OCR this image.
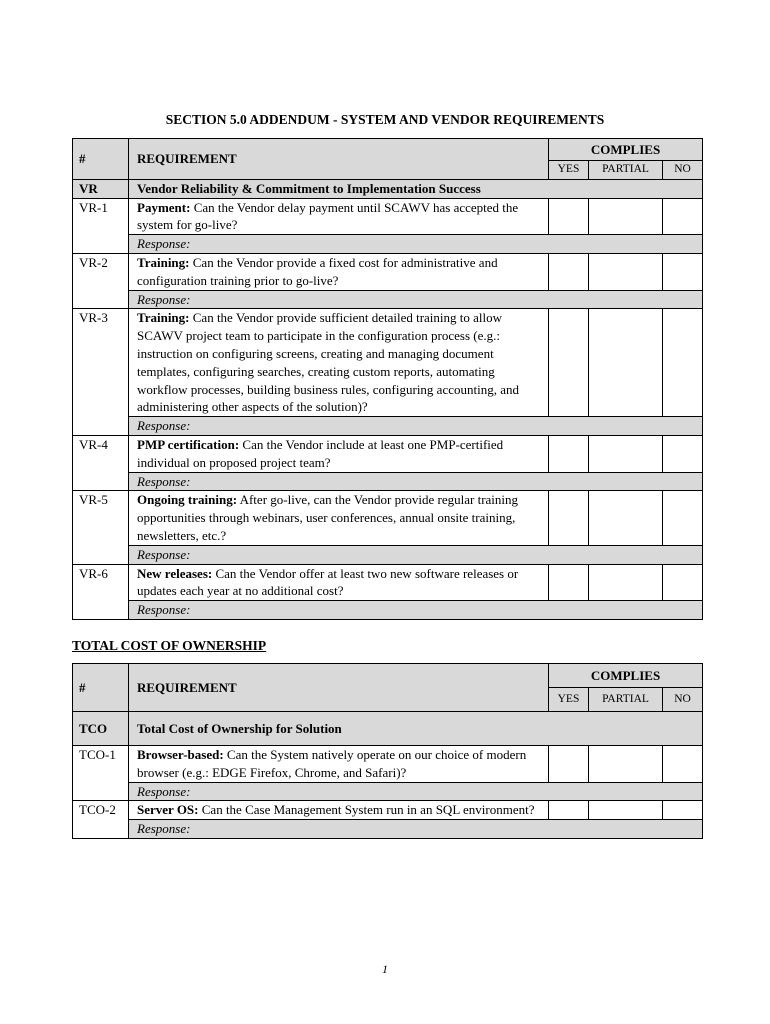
SECTION 5.0 ADDENDUM - SYSTEM AND VENDOR REQUIREMENTS
#	REQUIREMENT	COMPLIES		
		YES	PARTIAL	NO
VR	Vendor Reliability & Commitment to Implementation Success			
VR-1	Payment: Can the Vendor delay payment until SCAWV has accepted the system for go-live?			
	Response:			
VR-2	Training: Can the Vendor provide a fixed cost for administrative and configuration training prior to go-live?			
	Response:			
VR-3	Training: Can the Vendor provide sufficient detailed training to allow SCAWV project team to participate in the configuration process (e.g.: instruction on configuring screens, creating and managing document templates, configuring searches, creating custom reports, automating workflow processes, building business rules, configuring accounting, and administering other aspects of the solution)?			
	Response:			
VR-4	PMP certification: Can the Vendor include at least one PMP-certified individual on proposed project team?			
	Response:			
VR-5	Ongoing training: After go-live, can the Vendor provide regular training opportunities through webinars, user conferences, annual onsite training, newsletters, etc.?			
	Response:			
VR-6	New releases: Can the Vendor offer at least two new software releases or updates each year at no additional cost?			
	Response:			
TOTAL COST OF OWNERSHIP
#	REQUIREMENT	COMPLIES		
		YES	PARTIAL	NO
TCO	Total Cost of Ownership for Solution			
TCO-1	Browser-based: Can the System natively operate on our choice of modern browser (e.g.: EDGE Firefox, Chrome, and Safari)?			
	Response:			
TCO-2	Server OS: Can the Case Management System run in an SQL environment?			
	Response:			
1
